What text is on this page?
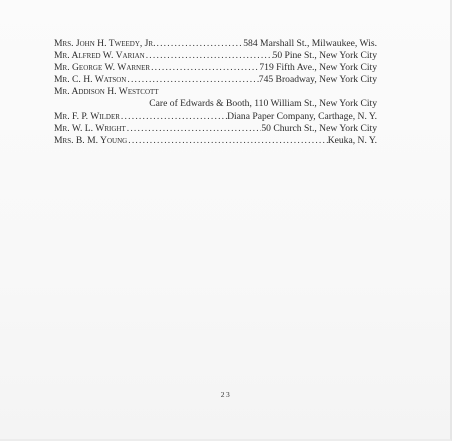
Mrs. John H. Tweedy, Jr. .....	584 Marshall St., Milwaukee, Wis.
Mr. Alfred W. Varian .....	50 Pine St., New York City
Mr. George W. Warner .....	719 Fifth Ave., New York City
Mr. C. H. Watson .....	745 Broadway, New York City
Mr. Addison H. Westcott
Care of Edwards & Booth, 110 William St., New York City
Mr. F. P. Wilder .....	Diana Paper Company, Carthage, N. Y.
Mr. W. L. Wright .....	50 Church St., New York City
Mrs. B. M. Young .....	Keuka, N. Y.
23
